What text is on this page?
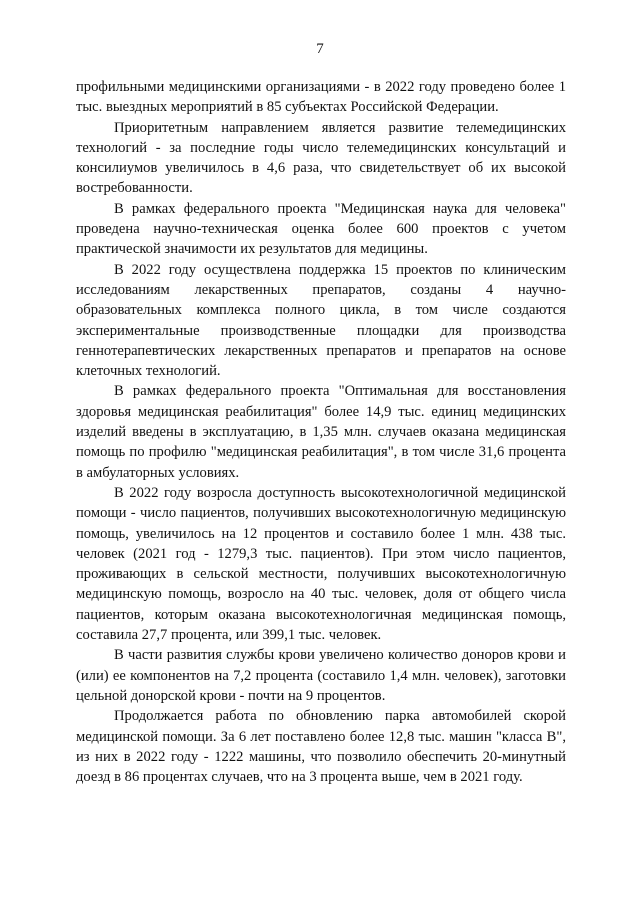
7

профильными медицинскими организациями - в 2022 году проведено более 1 тыс. выездных мероприятий в 85 субъектах Российской Федерации.

Приоритетным направлением является развитие телемедицинских технологий - за последние годы число телемедицинских консультаций и консилиумов увеличилось в 4,6 раза, что свидетельствует об их высокой востребованности.

В рамках федерального проекта "Медицинская наука для человека" проведена научно-техническая оценка более 600 проектов с учетом практической значимости их результатов для медицины.

В 2022 году осуществлена поддержка 15 проектов по клиническим исследованиям лекарственных препаратов, созданы 4 научно-образовательных комплекса полного цикла, в том числе создаются экспериментальные производственные площадки для производства геннотерапевтических лекарственных препаратов и препаратов на основе клеточных технологий.

В рамках федерального проекта "Оптимальная для восстановления здоровья медицинская реабилитация" более 14,9 тыс. единиц медицинских изделий введены в эксплуатацию, в 1,35 млн. случаев оказана медицинская помощь по профилю "медицинская реабилитация", в том числе 31,6 процента в амбулаторных условиях.

В 2022 году возросла доступность высокотехнологичной медицинской помощи - число пациентов, получивших высокотехнологичную медицинскую помощь, увеличилось на 12 процентов и составило более 1 млн. 438 тыс. человек (2021 год - 1279,3 тыс. пациентов). При этом число пациентов, проживающих в сельской местности, получивших высокотехнологичную медицинскую помощь, возросло на 40 тыс. человек, доля от общего числа пациентов, которым оказана высокотехнологичная медицинская помощь, составила 27,7 процента, или 399,1 тыс. человек.

В части развития службы крови увеличено количество доноров крови и (или) ее компонентов на 7,2 процента (составило 1,4 млн. человек), заготовки цельной донорской крови - почти на 9 процентов.

Продолжается работа по обновлению парка автомобилей скорой медицинской помощи. За 6 лет поставлено более 12,8 тыс. машин "класса B", из них в 2022 году - 1222 машины, что позволило обеспечить 20-минутный доезд в 86 процентах случаев, что на 3 процента выше, чем в 2021 году.
